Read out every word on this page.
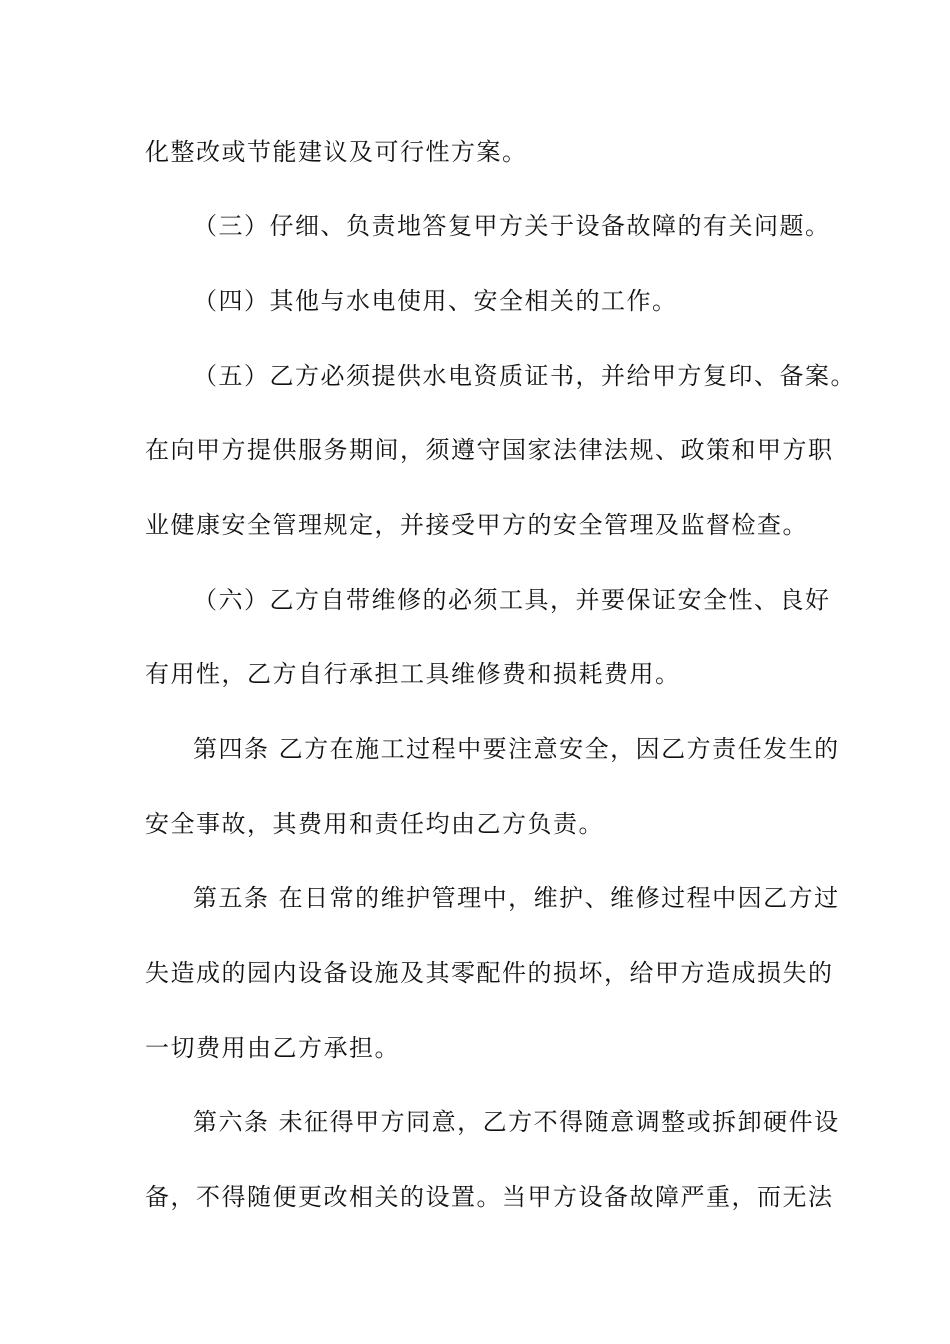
化整改或节能建议及可行性方案。

（三）仔细、负责地答复甲方关于设备故障的有关问题。

（四）其他与水电使用、安全相关的工作。

（五）乙方必须提供水电资质证书，并给甲方复印、备案。

在向甲方提供服务期间，须遵守国家法律法规、政策和甲方职

业健康安全管理规定，并接受甲方的安全管理及监督检查。

（六）乙方自带维修的必须工具，并要保证安全性、良好

有用性，乙方自行承担工具维修费和损耗费用。

第四条 乙方在施工过程中要注意安全，因乙方责任发生的

安全事故，其费用和责任均由乙方负责。

第五条 在日常的维护管理中，维护、维修过程中因乙方过

失造成的园内设备设施及其零配件的损坏，给甲方造成损失的

一切费用由乙方承担。

第六条 未征得甲方同意，乙方不得随意调整或拆卸硬件设

备，不得随便更改相关的设置。当甲方设备故障严重，而无法
